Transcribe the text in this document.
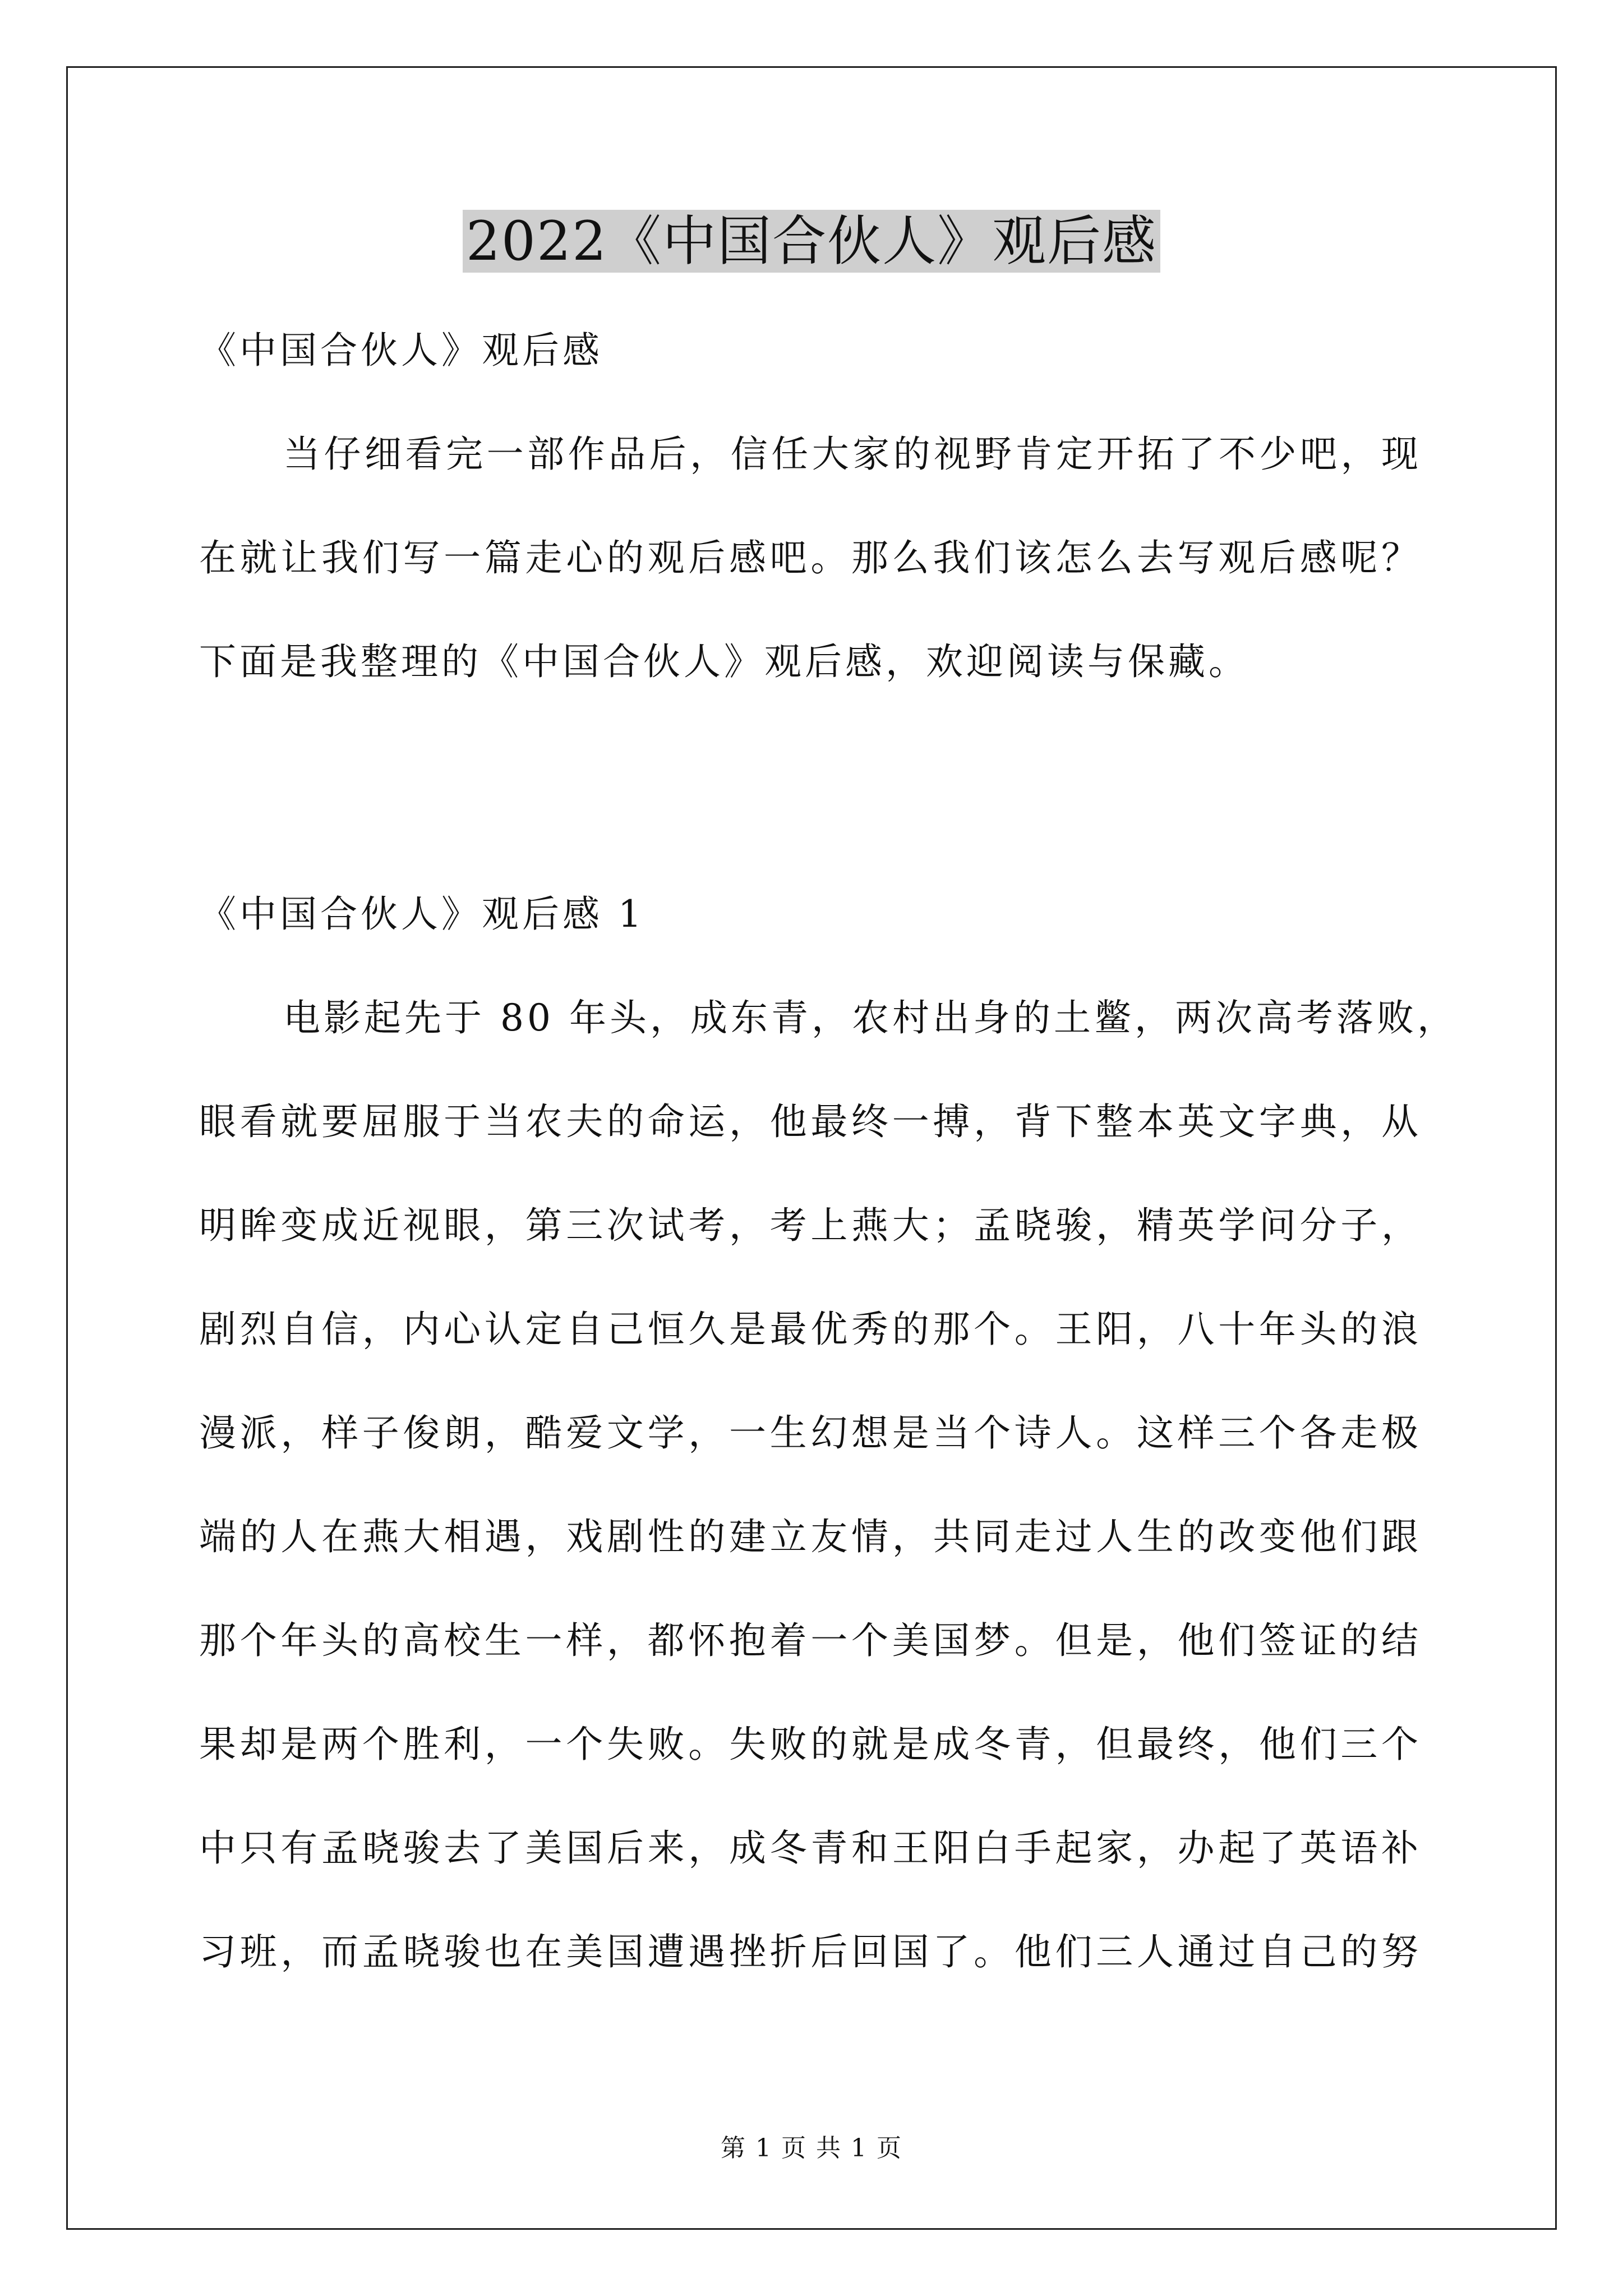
2022《中国合伙人》观后感
《中国合伙人》观后感
当仔细看完一部作品后，信任大家的视野肯定开拓了不少吧，现
在就让我们写一篇走心的观后感吧。那么我们该怎么去写观后感呢？
下面是我整理的《中国合伙人》观后感，欢迎阅读与保藏。
《中国合伙人》观后感 1
电影起先于 80 年头，成东青，农村出身的土鳖，两次高考落败，
眼看就要屈服于当农夫的命运，他最终一搏，背下整本英文字典，从
明眸变成近视眼，第三次试考，考上燕大；孟晓骏，精英学问分子，
剧烈自信，内心认定自己恒久是最优秀的那个。王阳，八十年头的浪
漫派，样子俊朗，酷爱文学，一生幻想是当个诗人。这样三个各走极
端的人在燕大相遇，戏剧性的建立友情，共同走过人生的改变他们跟
那个年头的高校生一样，都怀抱着一个美国梦。但是，他们签证的结
果却是两个胜利，一个失败。失败的就是成冬青，但最终，他们三个
中只有孟晓骏去了美国后来，成冬青和王阳白手起家，办起了英语补
习班，而孟晓骏也在美国遭遇挫折后回国了。他们三人通过自己的努
第 1 页 共 1 页
